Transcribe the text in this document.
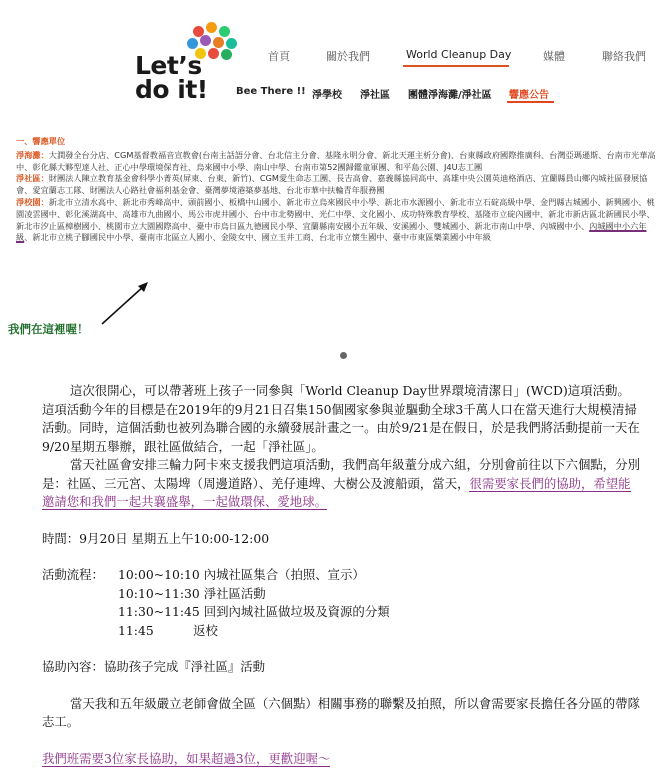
Let’s
do it!
首頁	關於我們	World Cleanup Day	媒體	聯絡我們
Bee There !! 淨學校 淨社區 團體淨海灘/淨社區 響應公告
一、響應單位
淨海灘：大潤發全台分店、CGM基督教福音宣教會(台南主話語分會、台北信主分會、基隆永明分會、新北天運主析分會)、台東縣政府國際推廣科、台灣亞瑪遜斯、台南市光華高中、彰化縣大夥型達人社、正心中學環境保育社、烏來國中小學、南山中學、台南市第52團歸鑑童軍團、和平島公園、J4U志工團
淨社區：財團法人陳立教育基金會科學小菁英(屏東、台東、新竹)、CGM愛生命志工團、長吉高會、嘉義縣協同高中、高雄中央公園英迪格酒店、宜蘭縣員山鄉內城社區發展協會、愛宜蘭志工隊、財團法人心路社會福利基金會、臺灣夢境港築夢基地、台北市華中扶輪青年服務團
淨校園：新北市立清水高中、新北市秀峰高中、頭前國小、板橋中山國小、新北市立烏來國民中小學、新北市水源國小、新北市立石碇高級中學、金門縣古城國小、新興國小、桃園凌雲國中、彰化溪湖高中、高雄市九曲國小、馬公市虎井國小、台中市北勢國中、光仁中學、文化國小、成功特殊教育學校、基隆市立碇內國中、新北市新店區北新國民小學、新北市汐止區樟樹國小、桃園市立大園國際高中、臺中市烏日區九德國民小學、宜蘭縣南安國小五年級、安溪國小、雙城國小、新北市南山中學、內城國中小、內城國中小六年級、新北市立桃子腳國民中小學、臺南市北區立人國小、金陵女中、國立玉井工商、台北市立懷生國中、臺中市東區樂業國小中年級
我們在這裡喔！

這次很開心，可以帶著班上孩子一同參與「World Cleanup Day世界環境清潔日」(WCD)這項活動。這項活動今年的目標是在2019年的9月21日召集150個國家參與並驅動全球3千萬人口在當天進行大規模清掃活動。同時，這個活動也被列為聯合國的永續發展計畫之一。由於9/21是在假日，於是我們將活動提前一天在9/20星期五舉辦，跟社區做結合，一起「淨社區」。

當天社區會安排三輪力阿卡來支援我們這項活動，我們高年級蕫分成六組，分別會前往以下六個點，分別是：社區、三元宮、太陽埤（周邊道路）、羌仔連埤、大樹公及渡船頭，當天，很需要家長們的協助，希望能邀請您和我們一起共襄盛舉，一起做環保、愛地球。

時間：9月20日 星期五上午10:00-12:00

活動流程：	10:00~10:10 內城社區集合（拍照、宣示）
10:10~11:30 淨社區活動
11:30~11:45 回到內城社區做垃圾及資源的分類
11:45          返校

協助內容：協助孩子完成『淨社區』活動

當天我和五年級嚴立老師會做全區（六個點）相關事務的聯繫及拍照，所以會需要家長擔任各分區的帶隊志工。

我們班需要3位家長協助，如果超過3位，更歡迎喔～
